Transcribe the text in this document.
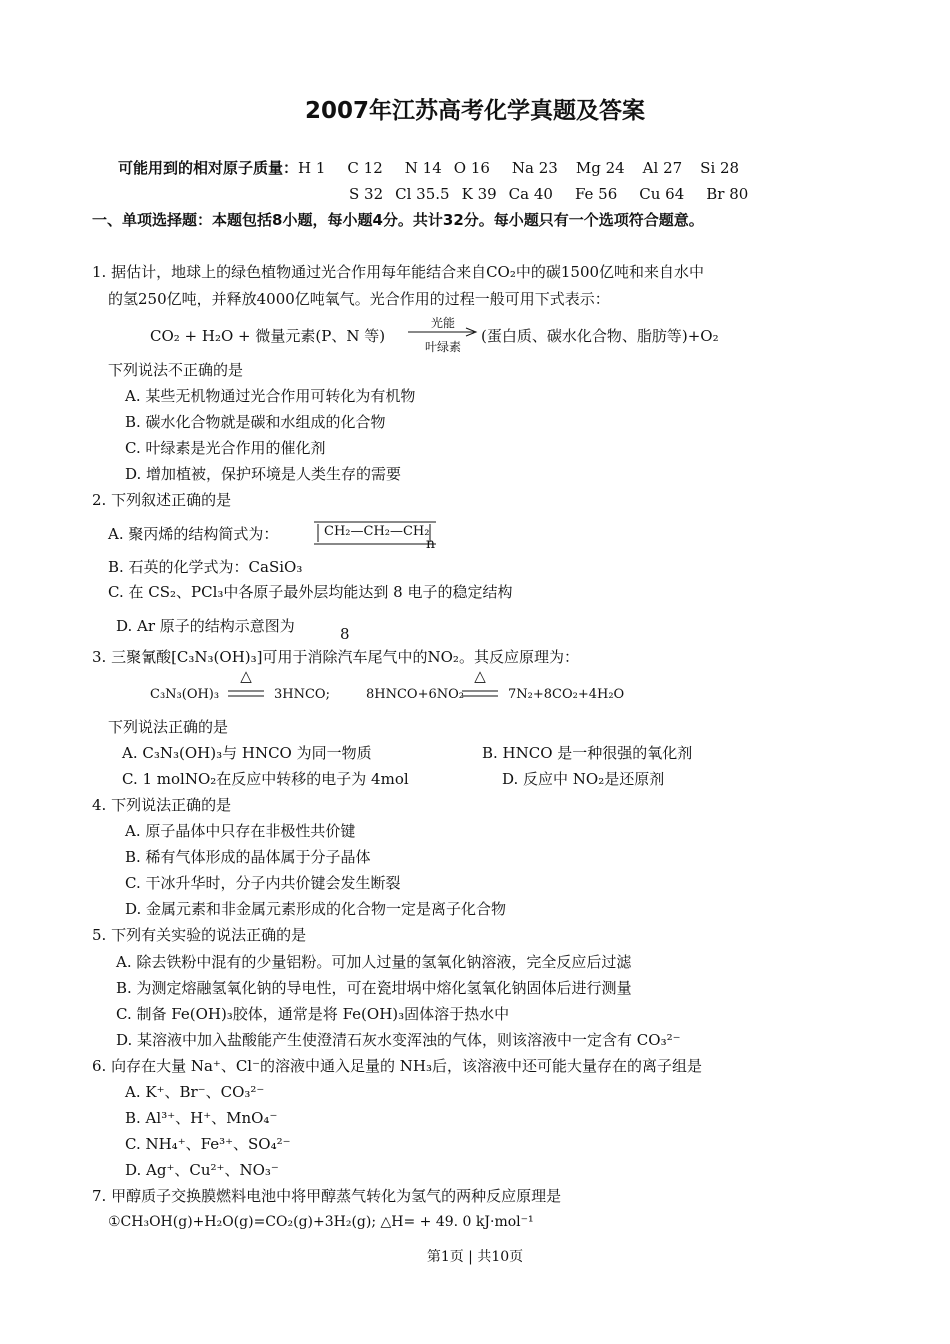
2007年江苏高考化学真题及答案
可能用到的相对原子质量：H 1 C 12 N 14 O 16 Na 23 Mg 24 Al 27 Si 28
S 32 Cl 35.5 K 39 Ca 40 Fe 56 Cu 64 Br 80
一、单项选择题：本题包括8小题，每小题4分。共计32分。每小题只有一个选项符合题意。
1. 据估计，地球上的绿色植物通过光合作用每年能结合来自CO₂中的碳1500亿吨和来自水中
的氢250亿吨，并释放4000亿吨氧气。光合作用的过程一般可用下式表示：
CO₂ + H₂O + 微量元素(P、N 等)
光能
叶绿素
(蛋白质、碳水化合物、脂肪等)+O₂
下列说法不正确的是
A. 某些无机物通过光合作用可转化为有机物
B. 碳水化合物就是碳和水组成的化合物
C. 叶绿素是光合作用的催化剂
D. 增加植被，保护环境是人类生存的需要
2. 下列叙述正确的是
A. 聚丙烯的结构简式为：	CH₂—CH₂—CH₂
n
B. 石英的化学式为：CaSiO₃
C. 在 CS₂、PCl₃中各原子最外层均能达到 8 电子的稳定结构
D. Ar 原子的结构示意图为	8
3. 三聚氰酸[C₃N₃(OH)₃]可用于消除汽车尾气中的NO₂。其反应原理为：
C₃N₃(OH)₃
△
3HNCO;	8HNCO+6NO₂
△
7N₂+8CO₂+4H₂O
下列说法正确的是
A. C₃N₃(OH)₃与 HNCO 为同一物质	B. HNCO 是一种很强的氧化剂
C. 1 molNO₂在反应中转移的电子为 4mol	D. 反应中 NO₂是还原剂
4. 下列说法正确的是
A. 原子晶体中只存在非极性共价键
B. 稀有气体形成的晶体属于分子晶体
C. 干冰升华时，分子内共价键会发生断裂
D. 金属元素和非金属元素形成的化合物一定是离子化合物
5. 下列有关实验的说法正确的是
A. 除去铁粉中混有的少量铝粉。可加人过量的氢氧化钠溶液，完全反应后过滤
B. 为测定熔融氢氧化钠的导电性，可在瓷坩埚中熔化氢氧化钠固体后进行测量
C. 制备 Fe(OH)₃胶体，通常是将 Fe(OH)₃固体溶于热水中
D. 某溶液中加入盐酸能产生使澄清石灰水变浑浊的气体，则该溶液中一定含有 CO₃²⁻
6. 向存在大量 Na⁺、Cl⁻的溶液中通入足量的 NH₃后，该溶液中还可能大量存在的离子组是
A. K⁺、Br⁻、CO₃²⁻
B. Al³⁺、H⁺、MnO₄⁻
C. NH₄⁺、Fe³⁺、SO₄²⁻
D. Ag⁺、Cu²⁺、NO₃⁻
7. 甲醇质子交换膜燃料电池中将甲醇蒸气转化为氢气的两种反应原理是
①CH₃OH(g)+H₂O(g)=CO₂(g)+3H₂(g); △H= + 49. 0 kJ·mol⁻¹
第1页 | 共10页
